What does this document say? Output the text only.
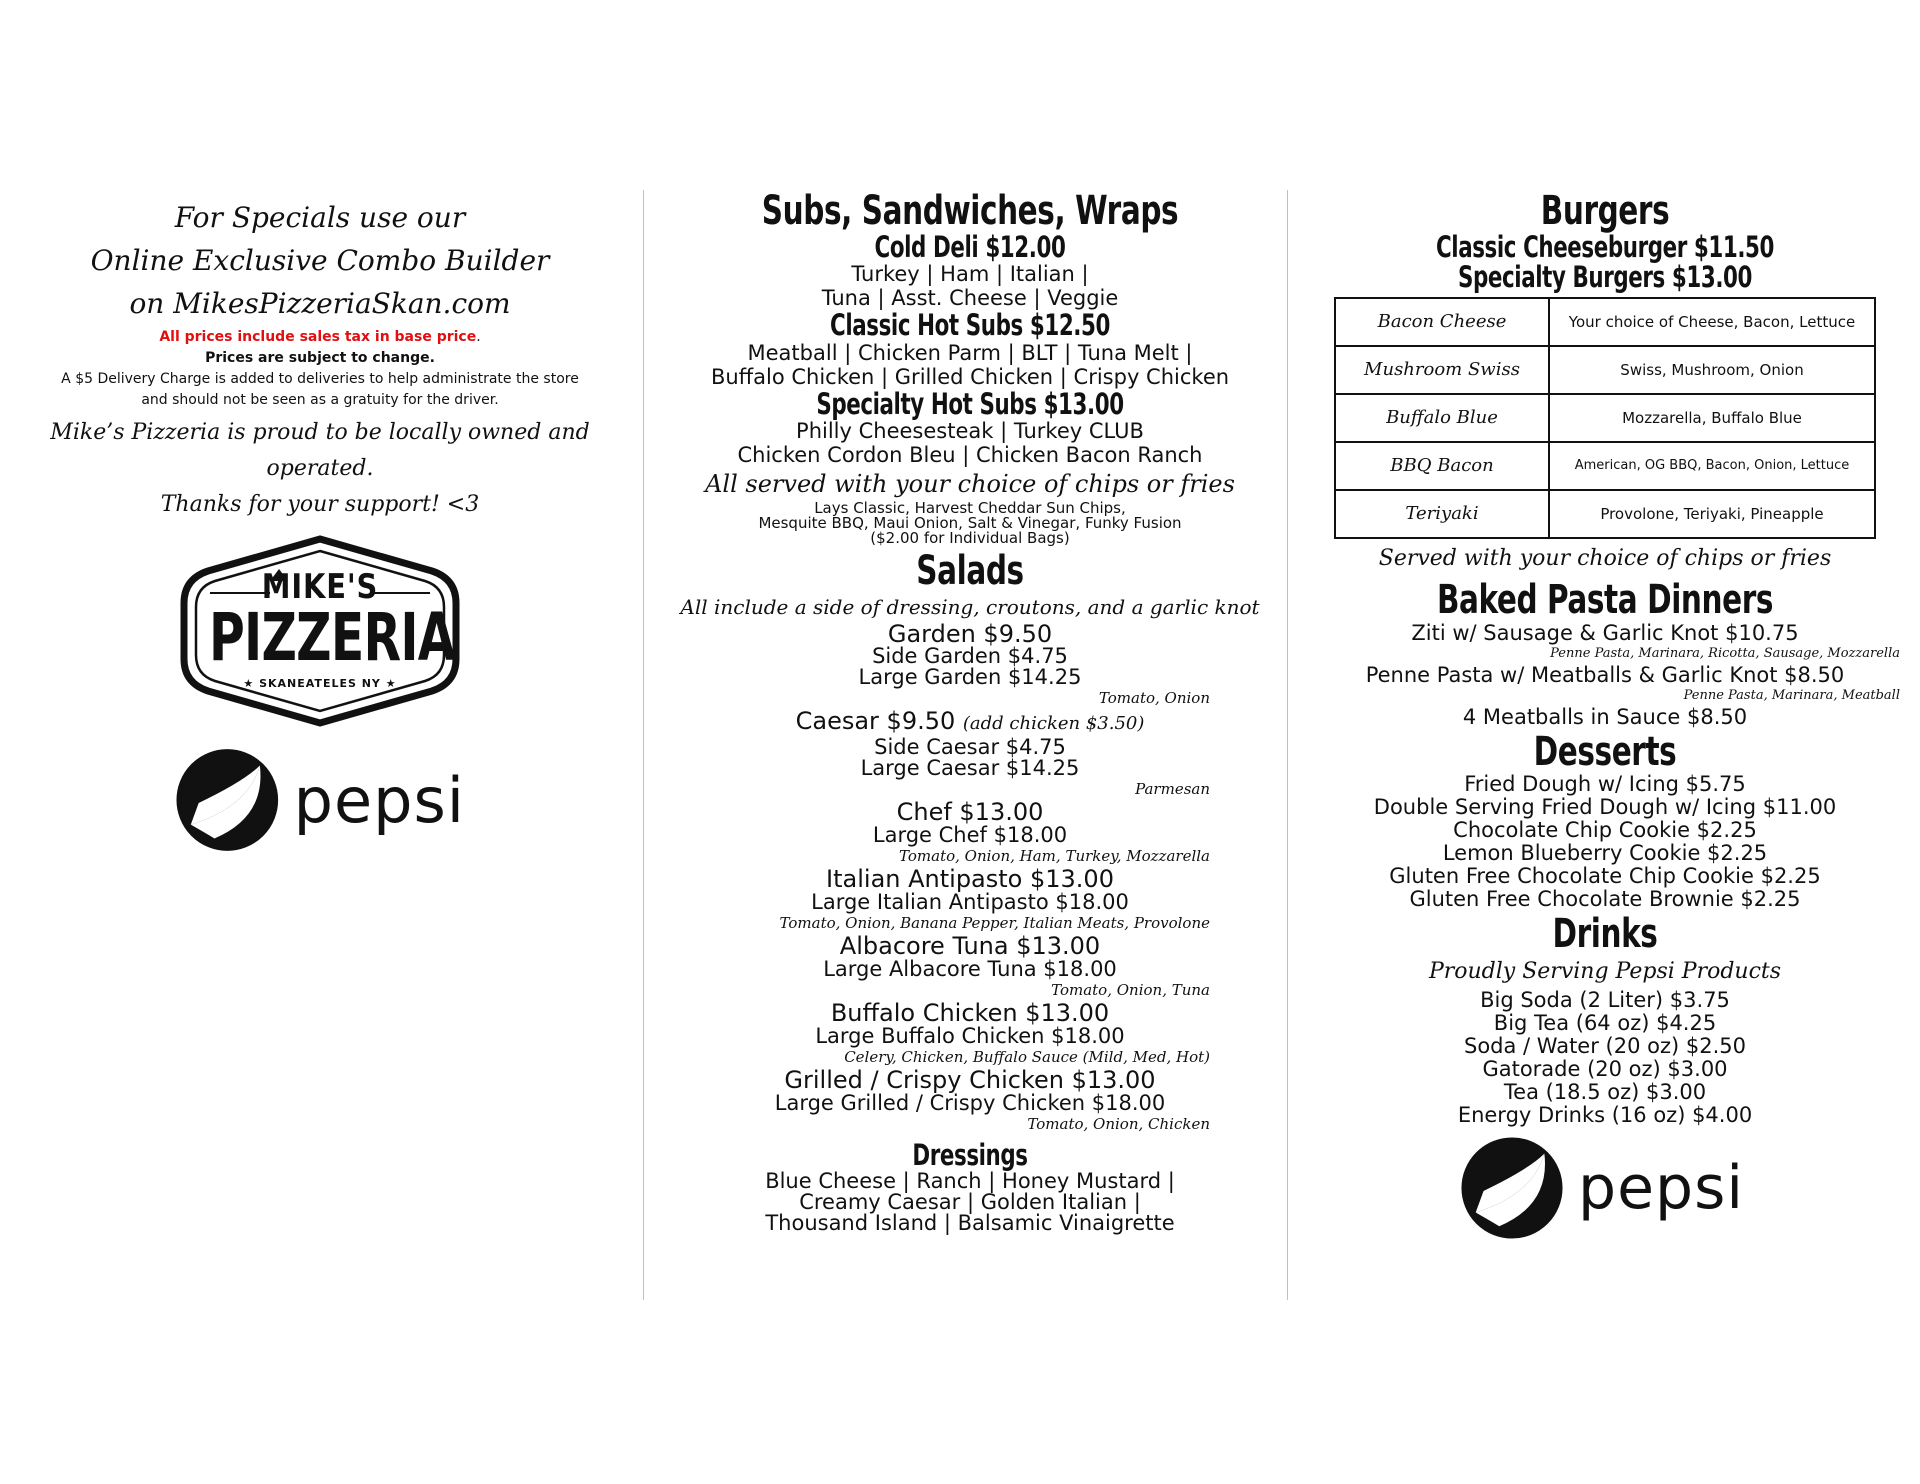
For Specials use our
Online Exclusive Combo Builder
on MikesPizzeriaSkan.com
All prices include sales tax in base price.
Prices are subject to change.
A $5 Delivery Charge is added to deliveries to help administrate the store
and should not be seen as a gratuity for the driver.
Mike’s Pizzeria is proud to be locally owned and operated.
Thanks for your support! <3
MIKE'S
PIZZERIA
★ SKANEATELES NY ★
pepsi
Subs, Sandwiches, Wraps
Cold Deli $12.00
Turkey | Ham | Italian |
Tuna | Asst. Cheese | Veggie
Classic Hot Subs $12.50
Meatball | Chicken Parm | BLT | Tuna Melt |
Buffalo Chicken | Grilled Chicken | Crispy Chicken
Specialty Hot Subs $13.00
Philly Cheesesteak | Turkey CLUB
Chicken Cordon Bleu | Chicken Bacon Ranch
All served with your choice of chips or fries
Lays Classic, Harvest Cheddar Sun Chips,
Mesquite BBQ, Maui Onion, Salt & Vinegar, Funky Fusion
($2.00 for Individual Bags)
Salads
All include a side of dressing, croutons, and a garlic knot
Garden $9.50
Side Garden $4.75
Large Garden $14.25
Tomato, Onion
Caesar $9.50 (add chicken $3.50)
Side Caesar $4.75
Large Caesar $14.25
Parmesan
Chef $13.00
Large Chef $18.00
Tomato, Onion, Ham, Turkey, Mozzarella
Italian Antipasto $13.00
Large Italian Antipasto $18.00
Tomato, Onion, Banana Pepper, Italian Meats, Provolone
Albacore Tuna $13.00
Large Albacore Tuna $18.00
Tomato, Onion, Tuna
Buffalo Chicken $13.00
Large Buffalo Chicken $18.00
Celery, Chicken, Buffalo Sauce (Mild, Med, Hot)
Grilled / Crispy Chicken $13.00
Large Grilled / Crispy Chicken $18.00
Tomato, Onion, Chicken
Dressings
Blue Cheese | Ranch | Honey Mustard |
Creamy Caesar | Golden Italian |
Thousand Island | Balsamic Vinaigrette
Burgers
Classic Cheeseburger $11.50
Specialty Burgers $13.00
Bacon Cheese	Your choice of Cheese, Bacon, Lettuce
Mushroom Swiss	Swiss, Mushroom, Onion
Buffalo Blue	Mozzarella, Buffalo Blue
BBQ Bacon	American, OG BBQ, Bacon, Onion, Lettuce
Teriyaki	Provolone, Teriyaki, Pineapple
Served with your choice of chips or fries
Baked Pasta Dinners
Ziti w/ Sausage & Garlic Knot $10.75
Penne Pasta, Marinara, Ricotta, Sausage, Mozzarella
Penne Pasta w/ Meatballs & Garlic Knot $8.50
Penne Pasta, Marinara, Meatball
4 Meatballs in Sauce $8.50
Desserts
Fried Dough w/ Icing $5.75
Double Serving Fried Dough w/ Icing $11.00
Chocolate Chip Cookie $2.25
Lemon Blueberry Cookie $2.25
Gluten Free Chocolate Chip Cookie $2.25
Gluten Free Chocolate Brownie $2.25
Drinks
Proudly Serving Pepsi Products
Big Soda (2 Liter) $3.75
Big Tea (64 oz) $4.25
Soda / Water (20 oz) $2.50
Gatorade (20 oz) $3.00
Tea (18.5 oz) $3.00
Energy Drinks (16 oz) $4.00
pepsi
